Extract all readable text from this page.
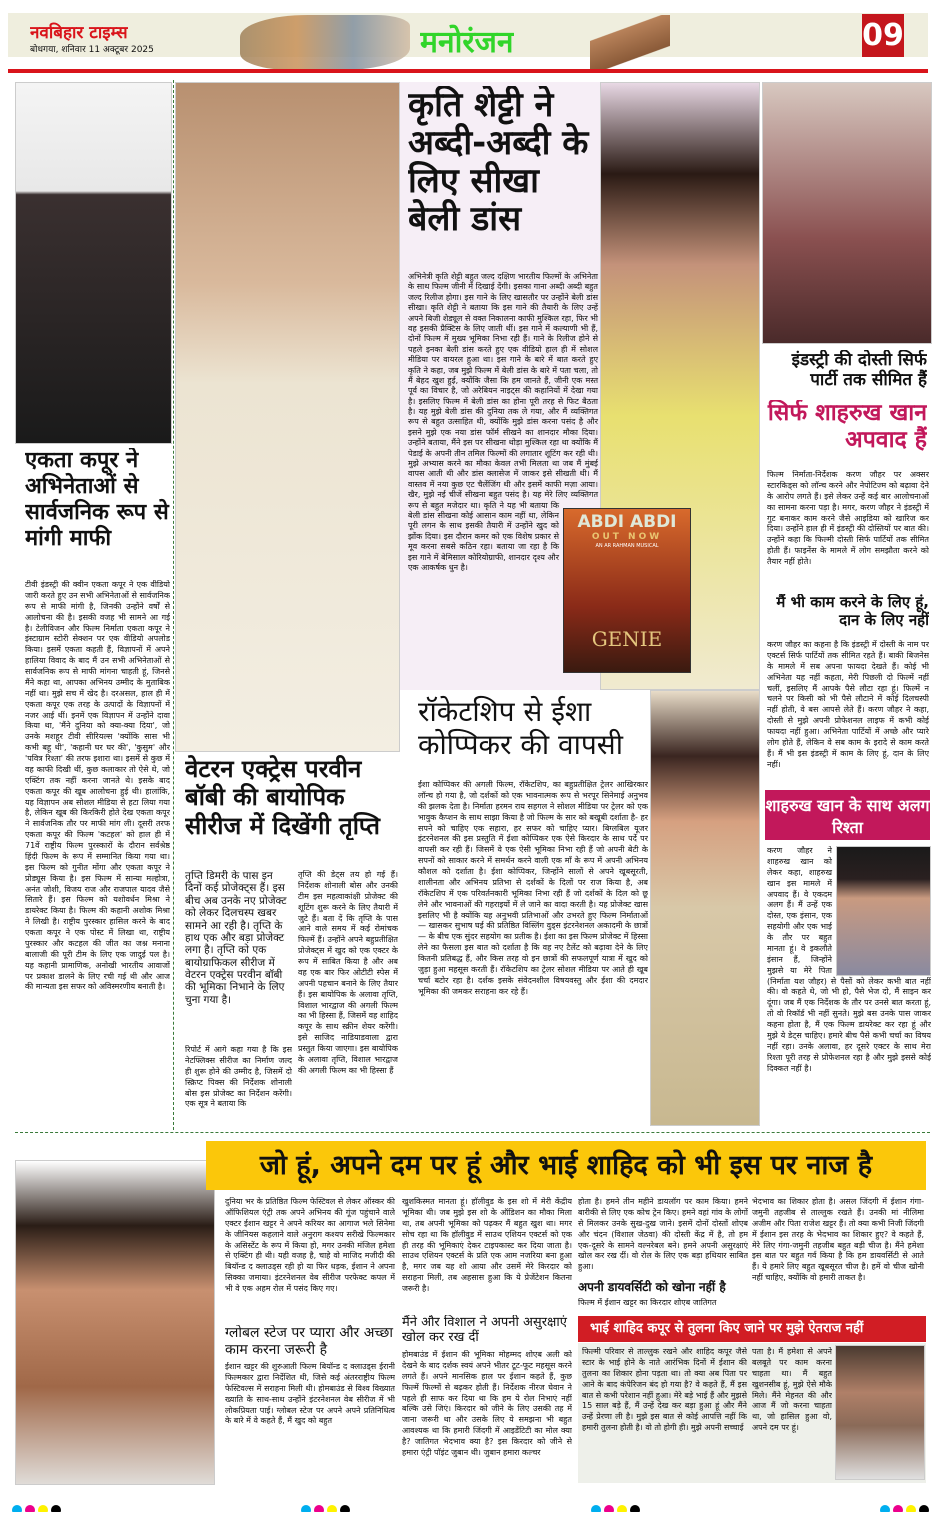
नवबिहार टाइम्स
बोधगया, शनिवार 11 अक्टूबर 2025	मनोरंजन	09
एकता कपूर ने अभिनेताओं से सार्वजनिक रूप से मांगी माफी
टीवी इंडस्ट्री की क्वीन एकता कपूर ने एक वीडियो जारी करते हुए उन सभी अभिनेताओं से सार्वजनिक रूप से माफी मांगी है, जिनकी उन्होंने वर्षों से आलोचना की है। इसकी वजह भी सामने आ गई है। टेलीविजन और फिल्म निर्माता एकता कपूर ने इंस्टाग्राम स्टोरी सेक्शन पर एक वीडियो अपलोड किया। इसमें एकता कहती हैं, विज्ञापनों में अपने हालिया विवाद के बाद मैं उन सभी अभिनेताओं से सार्वजनिक रूप से माफी मांगना चाहती हूं, जिनसे मैंने कहा था, आपका अभिनय उम्मीद के मुताबिक नहीं था। मुझे सच में खेद है। दरअसल, हाल ही में एकता कपूर एक तरह के उत्पादों के विज्ञापनों में नजर आई थीं। इनमें एक विज्ञापन में उन्होंने दावा किया था, 'मैंने दुनिया को क्या-क्या दिया', जो उनके मशहूर टीवी सीरियल्स 'क्योंकि सास भी कभी बहू थी', 'कहानी घर घर की', 'कुसुम' और 'पवित्र रिश्ता' की तरफ इशारा था। इसमें से कुछ में वह काफी दिखी थीं, कुछ कलाकार तो ऐसे थे, जो एक्टिंग तक नहीं करना जानते थे। इसके बाद एकता कपूर की खूब आलोचना हुई थी। हालांकि, यह विज्ञापन अब सोशल मीडिया से हटा लिया गया है, लेकिन खूब की किरकिरी होते देख एकता कपूर ने सार्वजनिक तौर पर माफी मांग ली। दूसरी तरफ एकता कपूर की फिल्म 'कटहल' को हाल ही में 71वें राष्ट्रीय फिल्म पुरस्कारों के दौरान सर्वश्रेष्ठ हिंदी फिल्म के रूप में सम्मानित किया गया था। इस फिल्म को गुनीत मोंगा और एकता कपूर ने प्रोड्यूस किया है। इस फिल्म में सान्या मल्होत्रा, अनंत जोशी, विजय राज और राजपाल यादव जैसे सितारे हैं। इस फिल्म को यशोवर्धन मिश्रा ने डायरेक्ट किया है। फिल्म की कहानी अशोक मिश्रा ने लिखी है। राष्ट्रीय पुरस्कार हासिल करने के बाद एकता कपूर ने एक पोस्ट में लिखा था, राष्ट्रीय पुरस्कार और कटहल की जीत का जश्न मनाना बालाजी की पूरी टीम के लिए एक जादुई पल है। यह कहानी प्रामाणिक, अनोखी भारतीय आवाजों पर प्रकाश डालने के लिए रची गई थी और आज की मान्यता इस सफर को अविस्मरणीय बनाती है।
वेटरन एक्ट्रेस परवीन बॉबी की बायोपिक सीरीज में दिखेंगी तृप्ति
तृप्ति डिमरी के पास इन दिनों कई प्रोजेक्ट्स हैं। इस बीच अब उनके नए प्रोजेक्ट को लेकर दिलचस्प खबर सामने आ रही है। तृप्ति के हाथ एक और बड़ा प्रोजेक्ट लगा है। तृप्ति को एक बायोग्राफिकल सीरीज में वेटरन एक्ट्रेस परवीन बॉबी की भूमिका निभाने के लिए चुना गया है।
रिपोर्ट में आगे कहा गया है कि इस नेटफ्लिक्स सीरीज का निर्माण जल्द ही शुरू होने की उम्मीद है, जिसमें दो स्क्रिप्ट पिक्स की निर्देशक शोनाली बोस इस प्रोजेक्ट का निर्देशन करेंगी। एक सूत्र ने बताया कि
तृप्ति की डेट्स तय हो गई हैं। निर्देशक शोनाली बोस और उनकी टीम इस महत्वाकांक्षी प्रोजेक्ट की शूटिंग शुरू करने के लिए तैयारी में जुटे हैं। बता दें कि तृप्ति के पास आने वाले समय में कई रोमांचक फिल्में हैं। उन्होंने अपने बहुप्रतीक्षित प्रोजेक्ट्स में खुद को एक एक्टर के रूप में साबित किया है और अब वह एक बार फिर ओटीटी स्पेस में अपनी पहचान बनाने के लिए तैयार हैं। इस बायोपिक के अलावा तृप्ति, विशाल भारद्वाज की अगली फिल्म का भी हिस्सा हैं, जिसमें वह शाहिद कपूर के साथ स्क्रीन शेयर करेंगी। इसे साजिद नाडियाडवाला द्वारा प्रस्तुत किया जाएगा। इस बायोपिक के अलावा तृप्ति, विशाल भारद्वाज की अगली फिल्म का भी हिस्सा हैं
कृति शेट्टी ने अब्दी-अब्दी के लिए सीखा बेली डांस
ABDI ABDI
OUT NOW
AN AR RAHMAN MUSICAL
GENIE
अभिनेत्री कृति शेट्टी बहुत जल्द दक्षिण भारतीय फिल्मों के अभिनेता के साथ फिल्म जीनी में दिखाई देंगी। इसका गाना अब्दी अब्दी बहुत जल्द रिलीज होगा। इस गाने के लिए खासतौर पर उन्होंने बेली डांस सीखा। कृति शेट्टी ने बताया कि इस गाने की तैयारी के लिए उन्हें अपने बिजी शेड्यूल से वक्त निकालना काफी मुश्किल रहा, फिर भी वह इसकी प्रैक्टिस के लिए जाती थीं। इस गाने में कल्याणी भी हैं, दोनों फिल्म में मुख्य भूमिका निभा रही हैं। गाने के रिलीज होने से पहले इनका बेली डांस करते हुए एक वीडियो हाल ही में सोशल मीडिया पर वायरल हुआ था। इस गाने के बारे में बात करते हुए कृति ने कहा, जब मुझे फिल्म में बेली डांस के बारे में पता चला, तो मैं बेहद खुश हुई, क्योंकि जैसा कि हम जानते हैं, जीनी एक मस्त पूर्व का विचार है, जो अरेबियन नाइट्स की कहानियों में देखा गया है। इसलिए फिल्म में बेली डांस का होना पूरी तरह से फिट बैठता है। यह मुझे बेली डांस की दुनिया तक ले गया, और मैं व्यक्तिगत रूप से बहुत उत्साहित थी, क्योंकि मुझे डांस करना पसंद है और इसने मुझे एक नया डांस फॉर्म सीखने का शानदार मौका दिया। उन्होंने बताया, मैंने इस पर सीखना थोड़ा मुश्किल रहा था क्योंकि मैं पेडाई के अपनी तीन तमिल फिल्मों की लगातार शूटिंग कर रही थी। मुझे अभ्यास करने का मौका केवल तभी मिलता था जब मैं मुंबई वापस आती थी और डांस क्लासेज में जाकर इसे सीखती थी। मैं वास्तव में नया कुछ एट चैलेंजिंग थी और इसमें काफी मज़ा आया। खैर, मुझे नई चीजें सीखना बहुत पसंद है। यह मेरे लिए व्यक्तिगत रूप से बहुत मजेदार था। कृति ने यह भी बताया कि बेली डांस सीखना कोई आसान काम नहीं था, लेकिन पूरी लगन के साथ इसकी तैयारी में उन्होंने खुद को झोंक दिया। इस दौरान कमर को एक विशेष प्रकार से मूव करना सबसे कठिन रहा। बताया जा रहा है कि इस गाने में बेमिसाल कोरियोग्राफी, शानदार दृश्य और एक आकर्षक धुन है।
इंडस्ट्री की दोस्ती सिर्फ पार्टी तक सीमित हैं
सिर्फ शाहरुख खान अपवाद हैं
फिल्म निर्माता-निर्देशक करण जौहर पर अक्सर स्टारकिड्स को लॉन्च करने और नेपोटिज्म को बढ़ावा देने के आरोप लगते हैं। इसे लेकर उन्हें कई बार आलोचनाओं का सामना करना पड़ा है। मगर, करण जौहर ने इंडस्ट्री में गुट बनाकर काम करने जैसे आइडिया को खारिज कर दिया। उन्होंने हाल ही में इंडस्ट्री की दोस्तियों पर बात की। उन्होंने कहा कि फिल्मी दोस्ती सिर्फ पार्टियों तक सीमित होती हैं। फाइनेंस के मामले में लोग समझौता करने को तैयार नहीं होते।
मैं भी काम करने के लिए हूं, दान के लिए नहीं
करण जौहर का कहना है कि इंडस्ट्री में दोस्ती के नाम पर एक्टर्स सिर्फ पार्टियों तक सीमित रहते हैं। बाकी बिजनेस के मामले में सब अपना फायदा देखते हैं। कोई भी अभिनेता यह नहीं कहता, मेरी पिछली दो फिल्में नहीं चलीं, इसलिए मैं आपके पैसे लौटा रहा हूं। फिल्में न चलने पर किसी को भी पैसे लौटाने में कोई दिलचस्पी नहीं होती, वे बस आपसे लेते हैं। करण जौहर ने कहा, दोस्ती से मुझे अपनी प्रोफेशनल लाइफ में कभी कोई फायदा नहीं हुआ। अभिनेता पार्टियों में अच्छे और प्यारे लोग होते हैं, लेकिन वे सब काम के इरादे से काम करते हैं। मैं भी इस इंडस्ट्री में काम के लिए हूं, दान के लिए नहीं।
शाहरुख खान के साथ अलग रिश्ता
करण जौहर ने शाहरुख खान को लेकर कहा, शाहरुख खान इस मामले में अपवाद हैं। वे एकदम अलग हैं। मैं उन्हें एक दोस्त, एक इंसान, एक सहयोगी और एक भाई के तौर पर बहुत मानता हूं। वे इकलौते इंसान हैं, जिन्होंने मुझसे या मेरे पिता (निर्माता यश जौहर) से पैसों को लेकर कभी बात नहीं की। वो कहते थे, जो भी हो, पैसे भेज दो, मैं साइन कर दूंगा। जब मैं एक निर्देशक के तौर पर उनसे बात करता हूं, तो वो रिकॉर्ड भी नहीं सुनते। मुझे बस उनके पास जाकर कहना होता है, मैं एक फिल्म डायरेक्ट कर रहा हूं और मुझे ये डेट्स चाहिए। हमारे बीच पैसे कभी चर्चा का विषय नहीं रहा। उनके अलावा, हर दूसरे एक्टर के साथ मेरा रिश्ता पूरी तरह से प्रोफेशनल रहा है और मुझे इससे कोई दिक्कत नहीं है।
रॉकेटशिप से ईशा कोप्पिकर की वापसी
ईशा कोप्पिकर की अगली फिल्म, रॉकेटशिप, का बहुप्रतीक्षित ट्रेलर आखिरकार लॉन्च हो गया है, जो दर्शकों को एक भावनात्मक रूप से भरपूर सिनेमाई अनुभव की झलक देता है। निर्माता हरमन राय सहगल ने सोशल मीडिया पर ट्रेलर को एक भावुक कैप्शन के साथ साझा किया है जो फिल्म के सार को बखूबी दर्शाता है- हर सपने को चाहिए एक सहारा, हर सफर को चाहिए प्यार। बिग्लबिल यूजर इंटरनेशनल की इस प्रस्तुति में ईशा कोप्पिकर एक ऐसे किरदार के साथ पर्दे पर वापसी कर रही हैं। जिसमें वे एक ऐसी भूमिका निभा रही हैं जो अपनी बेटी के सपनों को साकार करने में समर्थन करने वाली एक माँ के रूप में अपनी अभिनय कौशल को दर्शाता है। ईशा कोप्पिकर, जिन्होंने सालों से अपने खूबसूरती, शालीनता और अभिनय प्रतिभा से दर्शकों के दिलों पर राज किया है, अब रॉकेटशिप में एक परिवर्तनकारी भूमिका निभा रही हैं जो दर्शकों के दिल को छू लेने और भावनाओं की गहराइयों में ले जाने का वादा करती है। यह प्रोजेक्ट खास इसलिए भी है क्योंकि यह अनुभवी प्रतिभाओं और उभरते हुए फिल्म निर्माताओं — खासकर सुभाष घई की प्रतिष्ठित विस्लिंग वुड्स इंटरनेशनल अकादमी के छात्रों — के बीच एक सुंदर सहयोग का प्रतीक है। ईशा का इस फिल्म प्रोजेक्ट में हिस्सा लेने का फैसला इस बात को दर्शाता है कि वह नए टैलेंट को बढ़ावा देने के लिए कितनी प्रतिबद्ध हैं, और किस तरह वो इन छात्रों की सफलपूर्ण यात्रा में खुद को जुड़ा हुआ महसूस करती हैं। रॉकेटशिप का ट्रेलर सोशल मीडिया पर आते ही खूब चर्चा बटोर रहा है। दर्शक इसके संवेदनशील विषयवस्तु और ईशा की दमदार भूमिका की जमकर सराहना कर रहे हैं।
जो हूं, अपने दम पर हूं और भाई शाहिद को भी इस पर नाज है
दुनिया भर के प्रतिष्ठित फिल्म फेस्टिवल से लेकर ऑस्कर की ऑफिशियल एंट्री तक अपने अभिनय की गूंज पहुंचाने वाले एक्टर ईशान खट्टर ने अपने करियर का आगाज भले सिनेमा के जीनियस कहलाने वाले अनुराग कश्यप सरीखे फिल्मकार के असिस्टेंट के रूप में किया हो, मगर उनकी मंजिल हमेशा से एक्टिंग ही थी। यही वजह है, चाहे वो माजिद मजीदी की बियॉन्ड द क्लाउड्स रही हो या फिर धड़क, ईशान ने अपना सिक्का जमाया। इंटरनेशनल वेब सीरीज परफेक्ट कपल में भी वे एक अहम रोल में पसंद किए गए।
ग्लोबल स्टेज पर प्यारा और अच्छा काम करना जरूरी है
ईशान खट्टर की शुरुआती फिल्म बियॉन्ड द क्लाउड्स ईरानी फिल्मकार द्वारा निर्देशित थी, जिसे कई अंतरराष्ट्रीय फिल्म फेस्टिवल्स में सराहना मिली थी। होमबाउंड से विश्व विख्यात ख्याति के साथ-साथ उन्होंने इंटरनेशनल वेब सीरीज में भी लोकप्रियता पाई। ग्लोबल स्टेज पर अपने अपने प्रतिनिधित्व के बारे में वे कहते हैं, मैं खुद को बहुत
खुशकिस्मत मानता हूं। हॉलीवुड के इस शो में मेरी केंद्रीय भूमिका थी। जब मुझे इस शो के ऑडिशन का मौका मिला था, तब अपनी भूमिका को पढ़कर मैं बहुत खुश था। मगर सोच रहा था कि हॉलीवुड में साउथ एशियन एक्टर्स को एक ही तरह की भूमिकाएं देकर टाइपकास्ट कर दिया जाता है। साउथ एशियन एक्टर्स के प्रति एक आम नजरिया बना हुआ है, मगर जब यह शो आया और उसमें मेरे किरदार को सराहना मिली, तब अहसास हुआ कि ये प्रेजेंटेशन कितना जरूरी है।
मैंने और विशाल ने अपनी असुरक्षाएं खोल कर रख दीं
होमबाउंड में ईशान की भूमिका मोहम्मद शोएब अली को देखने के बाद दर्शक स्वयं अपने भीतर टूट-फूट महसूस करने लगते हैं। अपने मानसिक हाल पर ईशान कहते हैं, कुछ फिल्में फिल्मों से बढ़कर होती हैं। निर्देशक नीरज घेवान ने पहले ही साफ कर दिया था कि हम ये रोल निभाएं नहीं बल्कि उसे जिएं। किरदार को जीने के लिए उसकी तह में जाना जरूरी था और उसके लिए ये समझना भी बहुत आवश्यक था कि हमारी जिंदगी में आइडेंटिटी का मोल क्या है? जातिगत भेदभाव क्या है? इस किरदार को जीने से हमारा एंट्री पॉइंट जुबान थी। जुबान हमारा कल्चर
होता है। हमने तीन महीने डायलॉग पर काम किया। हमने बारीकी से लिए एक कोच ट्रेन किए। हमने वहां गांव के लोगों से मिलकर उनके सुख-दुख जाने। इसमें दोनों दोस्तों शोएब और चंदन (विशाल जेठवा) की दोस्ती केंद्र में है, तो हम एक-दूसरे के सामने वल्नरेबल बने। हमने अपनी असुरक्षाएं खोल कर रख दीं। वो रोल के लिए एक बड़ा हथियार साबित हुआ।
अपनी डायवर्सिटी को खोना नहीं है
फिल्म में ईशान खट्टर का किरदार शोएब जातिगत
भेदभाव का शिकार होता है। असल जिंदगी में ईशान गंगा-जमुनी तहजीब से ताल्लुक रखते हैं। उनकी मां नीलिमा अजीम और पिता राजेश खट्टर हैं। तो क्या कभी निजी जिंदगी में ईशान इस तरह के भेदभाव का शिकार हुए? वे कहते हैं, मेरे लिए गंगा-जमुनी तहजीब बहुत बड़ी चीज है। मैंने हमेशा इस बात पर बहुत गर्व किया है कि हम डायवर्सिटी से आते हैं। ये हमारे लिए बहुत खूबसूरत चीज है। हमें वो चीज खोनी नहीं चाहिए, क्योंकि वो हमारी ताकत है।
भाई शाहिद कपूर से तुलना किए जाने पर मुझे ऐतराज नहीं
फिल्मी परिवार से ताल्लुक रखने और शाहिद कपूर जैसे स्टार के भाई होने के नाते आरंभिक दिनों में ईशान की तुलना का शिकार होना पड़ता था। तो क्या अब पिता पर आने के बाद कंपेरिजन बंद हो गया है? वे कहते हैं, मैं इस बात से कभी परेशान नहीं हुआ। मेरे बड़े भाई हैं और मुझसे 15 साल बड़े हैं, मैं उन्हें देख कर बड़ा हुआ हूं और मैंने उन्हें प्रेरणा ली है। मुझे इस बात से कोई आपत्ति नहीं कि हमारी तुलना होती है। वो तो होगी ही। मुझे अपनी सच्चाई
पता है। मैं हमेशा से अपने बलबूते पर काम करना चाहता था। मैं बहुत खुशनसीब हूं, मुझे ऐसे मौके मिले। मैंने मेहनत की और आज मैं जो करना चाहता था, जो हासिल हुआ वो, अपने दम पर हूं।
